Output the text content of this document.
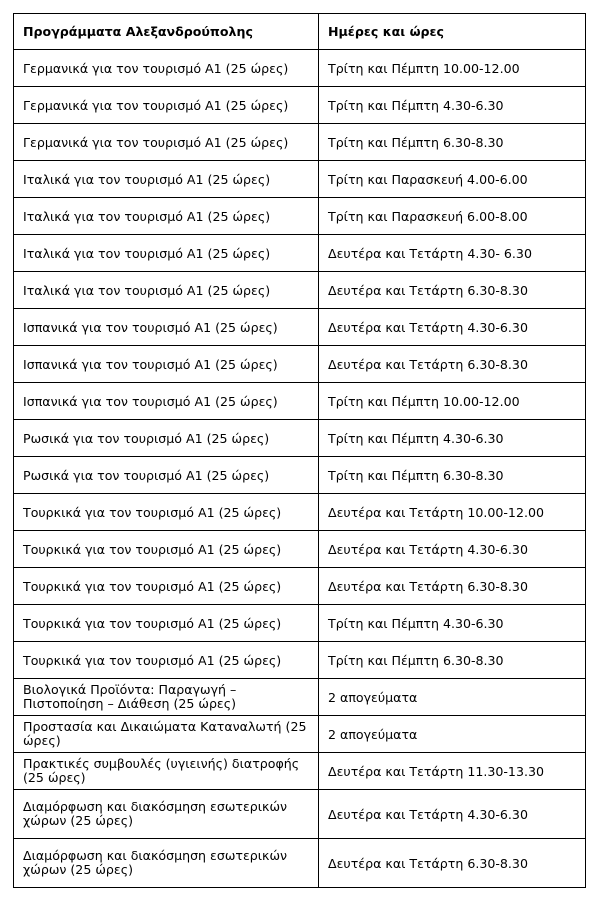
Προγράμματα Αλεξανδρούπολης	Ημέρες και ώρες
Γερμανικά για τον τουρισμό Α1 (25 ώρες)	Τρίτη και Πέμπτη 10.00-12.00
Γερμανικά για τον τουρισμό Α1 (25 ώρες)	Τρίτη και Πέμπτη 4.30-6.30
Γερμανικά για τον τουρισμό Α1 (25 ώρες)	Τρίτη και Πέμπτη 6.30-8.30
Ιταλικά για τον τουρισμό Α1 (25 ώρες)	Τρίτη και Παρασκευή 4.00-6.00
Ιταλικά για τον τουρισμό Α1 (25 ώρες)	Τρίτη και Παρασκευή 6.00-8.00
Ιταλικά για τον τουρισμό Α1 (25 ώρες)	Δευτέρα και Τετάρτη 4.30- 6.30
Ιταλικά για τον τουρισμό Α1 (25 ώρες)	Δευτέρα και Τετάρτη 6.30-8.30
Ισπανικά για τον τουρισμό Α1 (25 ώρες)	Δευτέρα και Τετάρτη 4.30-6.30
Ισπανικά για τον τουρισμό Α1 (25 ώρες)	Δευτέρα και Τετάρτη 6.30-8.30
Ισπανικά για τον τουρισμό Α1 (25 ώρες)	Τρίτη και Πέμπτη 10.00-12.00
Ρωσικά για τον τουρισμό Α1 (25 ώρες)	Τρίτη και Πέμπτη 4.30-6.30
Ρωσικά για τον τουρισμό Α1 (25 ώρες)	Τρίτη και Πέμπτη 6.30-8.30
Τουρκικά για τον τουρισμό Α1 (25 ώρες)	Δευτέρα και Τετάρτη 10.00-12.00
Τουρκικά για τον τουρισμό Α1 (25 ώρες)	Δευτέρα και Τετάρτη 4.30-6.30
Τουρκικά για τον τουρισμό Α1 (25 ώρες)	Δευτέρα και Τετάρτη 6.30-8.30
Τουρκικά για τον τουρισμό Α1 (25 ώρες)	Τρίτη και Πέμπτη 4.30-6.30
Τουρκικά για τον τουρισμό Α1 (25 ώρες)	Τρίτη και Πέμπτη 6.30-8.30
Βιολογικά Προϊόντα: Παραγωγή – Πιστοποίηση – Διάθεση (25 ώρες)	2 απογεύματα
Προστασία και Δικαιώματα Καταναλωτή (25 ώρες)	2 απογεύματα
Πρακτικές συμβουλές (υγιεινής) διατροφής (25 ώρες)	Δευτέρα και Τετάρτη 11.30-13.30
Διαμόρφωση και διακόσμηση εσωτερικών χώρων (25 ώρες)	Δευτέρα και Τετάρτη 4.30-6.30
Διαμόρφωση και διακόσμηση εσωτερικών χώρων (25 ώρες)	Δευτέρα και Τετάρτη 6.30-8.30
